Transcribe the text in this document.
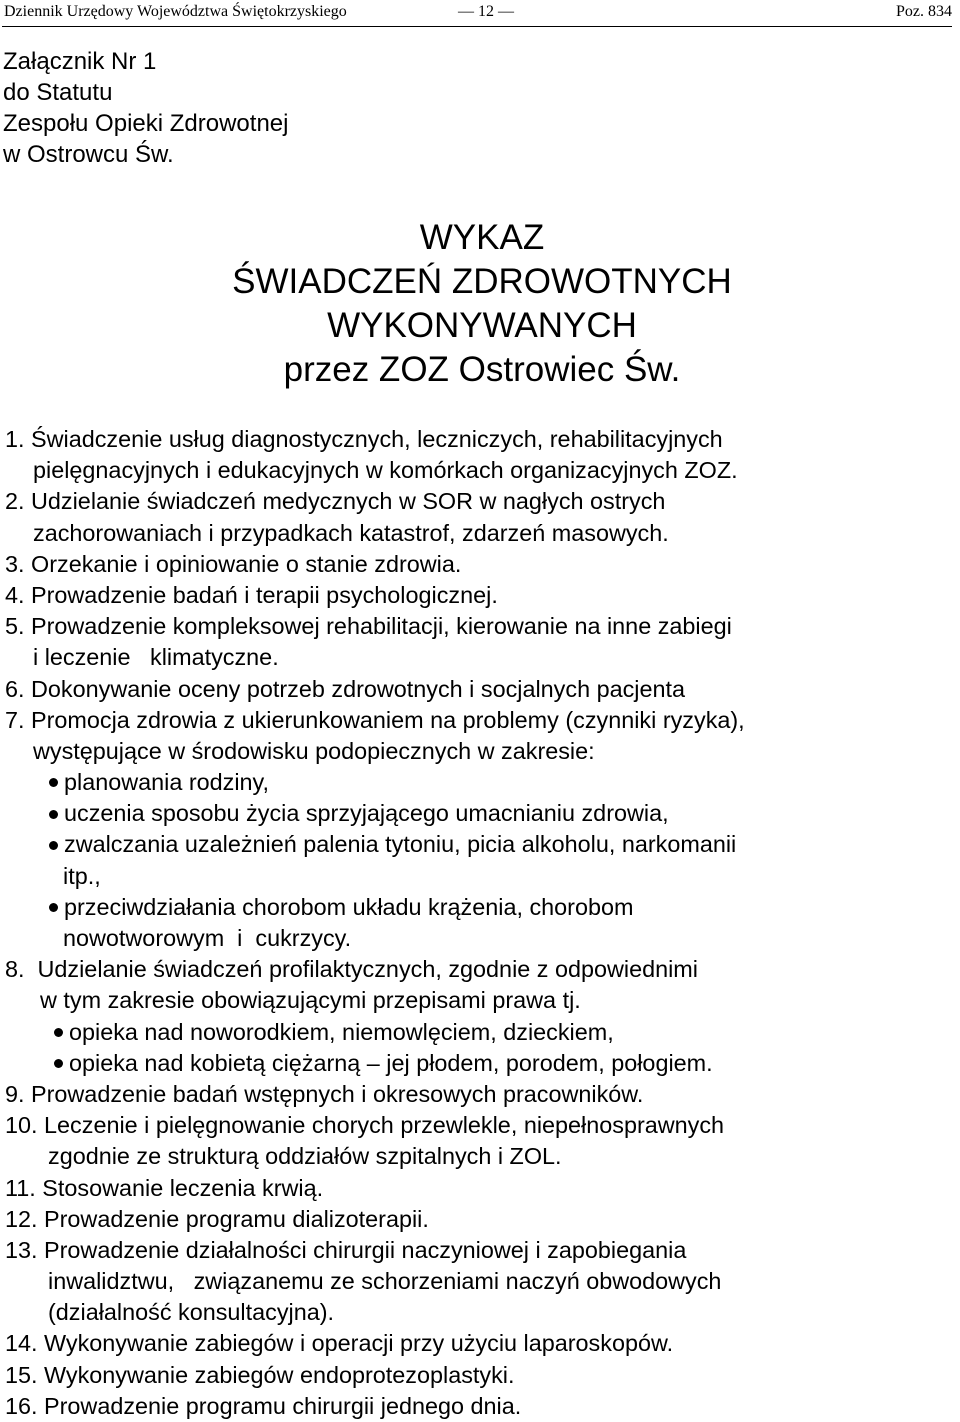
Dziennik Urzędowy Województwa Świętokrzyskiego	— 12 —	Poz. 834
Załącznik Nr 1
do Statutu
Zespołu Opieki Zdrowotnej
w Ostrowcu Św.
WYKAZ
ŚWIADCZEŃ ZDROWOTNYCH
WYKONYWANYCH
przez ZOZ Ostrowiec Św.
1. Świadczenie usług diagnostycznych, leczniczych, rehabilitacyjnych
pielęgnacyjnych i edukacyjnych w komórkach organizacyjnych ZOZ.
2. Udzielanie świadczeń medycznych w SOR w nagłych ostrych
zachorowaniach i przypadkach katastrof, zdarzeń masowych.
3. Orzekanie i opiniowanie o stanie zdrowia.
4. Prowadzenie badań i terapii psychologicznej.
5. Prowadzenie kompleksowej rehabilitacji, kierowanie na inne zabiegi
i leczenie   klimatyczne.
6. Dokonywanie oceny potrzeb zdrowotnych i socjalnych pacjenta
7. Promocja zdrowia z ukierunkowaniem na problemy (czynniki ryzyka),
występujące w środowisku podopiecznych w zakresie:
planowania rodziny,
uczenia sposobu życia sprzyjającego umacnianiu zdrowia,
zwalczania uzależnień palenia tytoniu, picia alkoholu, narkomanii
itp.,
przeciwdziałania chorobom układu krążenia, chorobom
nowotworowym  i  cukrzycy.
8. Udzielanie świadczeń profilaktycznych, zgodnie z odpowiednimi
w tym zakresie obowiązującymi przepisami prawa tj.
opieka nad noworodkiem, niemowlęciem, dzieckiem,
opieka nad kobietą ciężarną – jej płodem, porodem, połogiem.
9. Prowadzenie badań wstępnych i okresowych pracowników.
10. Leczenie i pielęgnowanie chorych przewlekle, niepełnosprawnych
zgodnie ze strukturą oddziałów szpitalnych i ZOL.
11. Stosowanie leczenia krwią.
12. Prowadzenie programu dializoterapii.
13. Prowadzenie działalności chirurgii naczyniowej i zapobiegania
inwalidztwu,   związanemu ze schorzeniami naczyń obwodowych
(działalność konsultacyjna).
14. Wykonywanie zabiegów i operacji przy użyciu laparoskopów.
15. Wykonywanie zabiegów endoprotezoplastyki.
16. Prowadzenie programu chirurgii jednego dnia.
